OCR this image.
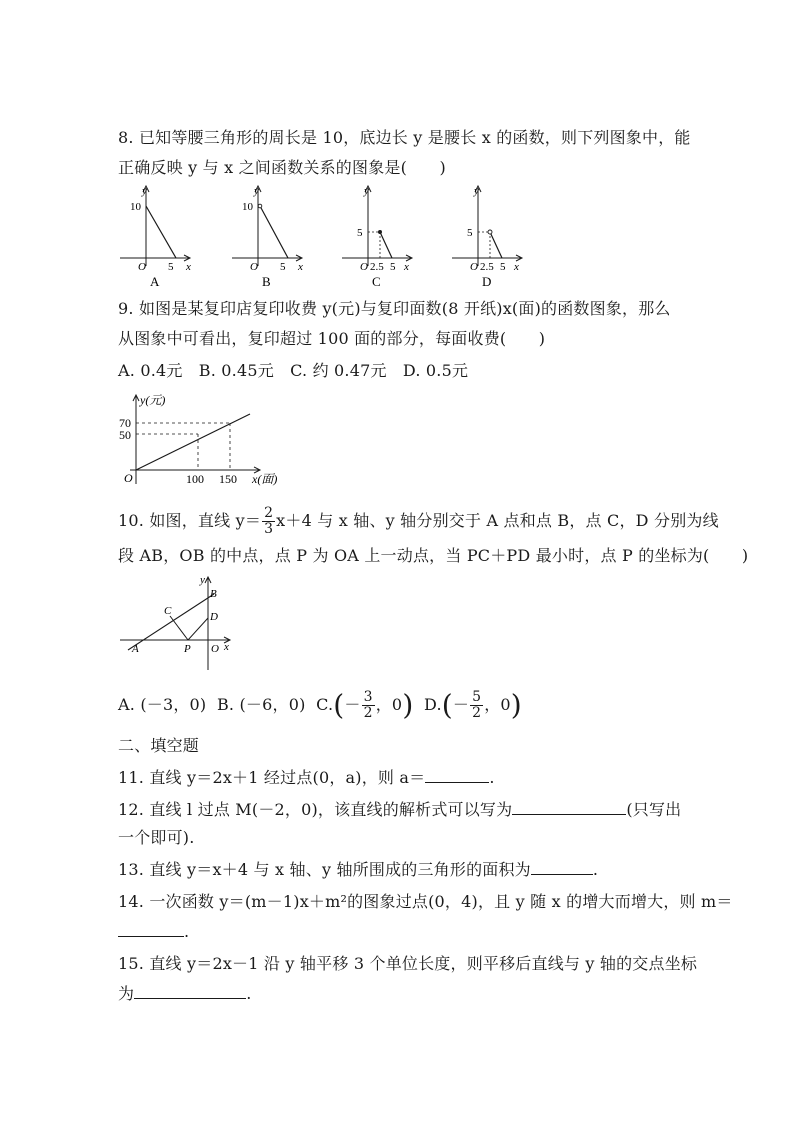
8. 已知等腰三角形的周长是 10，底边长 y 是腰长 x 的函数，则下列图象中，能
正确反映 y 与 x 之间函数关系的图象是(　　)
y
10
O 5 x
A
y
10
O 5 x
B
y
5
O 2.5 5 x
C
y
5
O 2.5 5 x
D
9. 如图是某复印店复印收费 y(元)与复印面数(8 开纸)x(面)的函数图象，那么
从图象中可看出，复印超过 100 面的部分，每面收费(　　)
A. 0.4元　B. 0.45元　C. 约 0.47元　D. 0.5元
y(元)
70
50
O	100 150 x(面)
10. 如图，直线 $y= \frac{2}{3} x+4$ 与 x 轴、y 轴分别交于 A 点和点 B，点 C，D 分别为线
段 AB，OB 的中点，点 P 为 OA 上一动点，当 PC＋PD 最小时，点 P 的坐标为(　　)
y
B
C	D
A	P O x
A. (－3，0) B. (－6，0) $C.(- \frac{3}{2}$ ，0) $D.(- \frac{5}{2}$ ，0)
二、填空题
11. 直线 y＝2x＋1 经过点(0，a)，则 a＝	.
12. 直线 l 过点 M(－2，0)，该直线的解析式可以写为	(只写出
一个即可).
13. 直线 y＝x＋4 与 x 轴、y 轴所围成的三角形的面积为	.
14. 一次函数 y＝(m－1)x＋m²的图象过点(0，4)，且 y 随 x 的增大而增大，则 m＝
.
15. 直线 y＝2x－1 沿 y 轴平移 3 个单位长度，则平移后直线与 y 轴的交点坐标
为	.
